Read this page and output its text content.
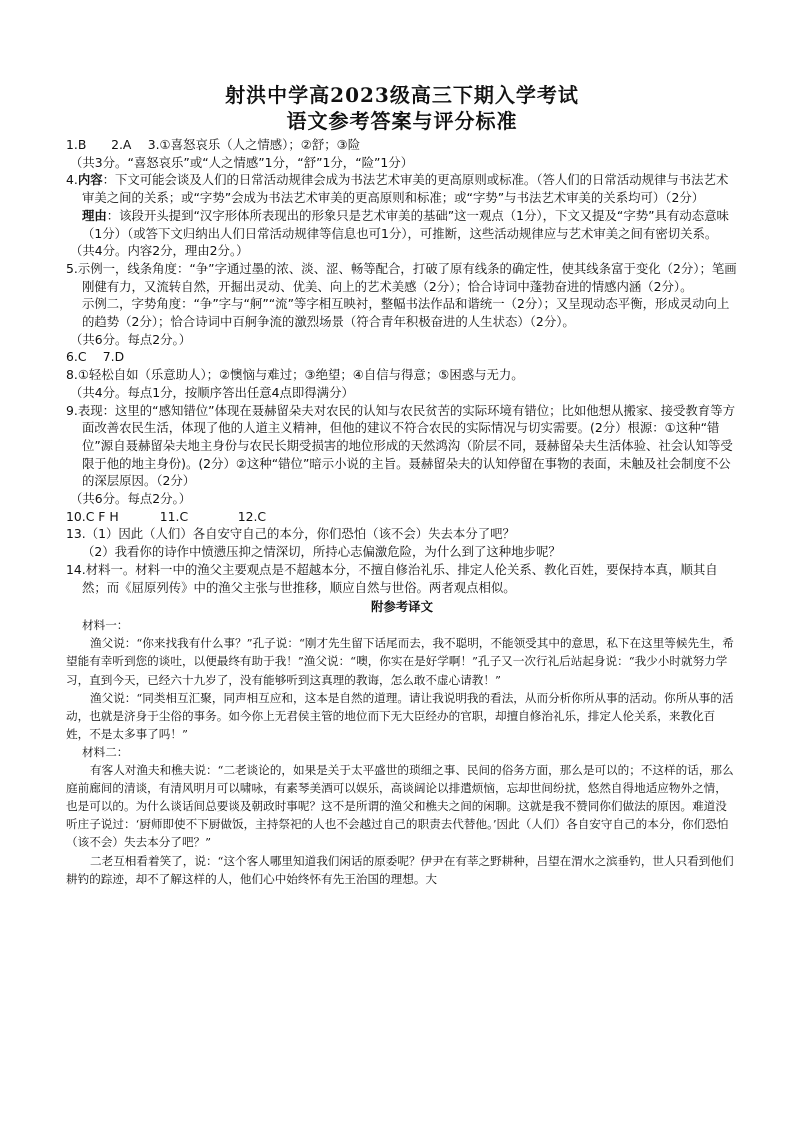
射洪中学高2023级高三下期入学考试
语文参考答案与评分标准

1.B　　2.A　 3.①喜怒哀乐（人之情感）；②舒；③险

（共3分。“喜怒哀乐”或“人之情感”1分，“舒”1分，“险”1分）

4.内容：下文可能会谈及人们的日常活动规律会成为书法艺术审美的更高原则或标准。（答人们的日常活动规律与书法艺术审美之间的关系；或“字势”会成为书法艺术审美的更高原则和标准；或“字势”与书法艺术审美的关系均可）（2分）

理由：该段开头提到“汉字形体所表现出的形象只是艺术审美的基础”这一观点（1分），下文又提及“字势”具有动态意味（1分）（或答下文归纳出人们日常活动规律等信息也可1分），可推断，这些活动规律应与艺术审美之间有密切关系。

（共4分。内容2分，理由2分。）

5.示例一，线条角度：“争”字通过墨的浓、淡、涩、畅等配合，打破了原有线条的确定性，使其线条富于变化（2分）；笔画刚健有力，又流转自然，开掘出灵动、优美、向上的艺术美感（2分）；恰合诗词中蓬勃奋进的情感内涵（2分）。

示例二，字势角度：“争”字与“舸”“流”等字相互映衬，整幅书法作品和谐统一（2分）；又呈现动态平衡，形成灵动向上的趋势（2分）；恰合诗词中百舸争流的激烈场景（符合青年积极奋进的人生状态）（2分）。

（共6分。每点2分。）

6.C　 7.D

8.①轻松自如（乐意助人）；②懊恼与难过；③绝望；④自信与得意；⑤困惑与无力。

（共4分。每点1分，按顺序答出任意4点即得满分）

9.表现：这里的“感知错位”体现在聂赫留朵夫对农民的认知与农民贫苦的实际环境有错位；比如他想从搬家、接受教育等方面改善农民生活，体现了他的人道主义精神，但他的建议不符合农民的实际情况与切实需要。(2分）根源：①这种“错位”源自聂赫留朵夫地主身份与农民长期受损害的地位形成的天然鸿沟（阶层不同，聂赫留朵夫生活体验、社会认知等受限于他的地主身份)。(2分）②这种“错位”暗示小说的主旨。聂赫留朵夫的认知停留在事物的表面，未触及社会制度不公的深层原因。（2分）

（共6分。每点2分。）

10.C F H　　　 11.C　　　　12.C

13.（1）因此（人们）各自安守自己的本分，你们恐怕（该不会）失去本分了吧？

（2）我看你的诗作中愤懑压抑之情深切，所持心志偏激危险，为什么到了这种地步呢？

14.材料一。材料一中的渔父主要观点是不超越本分，不擅自修治礼乐、排定人伦关系、教化百姓，要保持本真，顺其自然；而《屈原列传》中的渔父主张与世推移，顺应自然与世俗。两者观点相似。

附参考译文

材料一：

渔父说：“你来找我有什么事？”孔子说：“刚才先生留下话尾而去，我不聪明，不能领受其中的意思，私下在这里等候先生，希望能有幸听到您的谈吐，以便最终有助于我！”渔父说：“噢，你实在是好学啊！”孔子又一次行礼后站起身说：“我少小时就努力学习，直到今天，已经六十九岁了，没有能够听到这真理的教诲，怎么敢不虚心请教！”

渔父说：“同类相互汇聚，同声相互应和，这本是自然的道理。请让我说明我的看法，从而分析你所从事的活动。你所从事的活动，也就是济身于尘俗的事务。如今你上无君侯主管的地位而下无大臣经办的官职，却擅自修治礼乐，排定人伦关系，来教化百姓，不是太多事了吗！”

材料二：

有客人对渔夫和樵夫说：“二老谈论的，如果是关于太平盛世的琐细之事、民间的俗务方面，那么是可以的；不这样的话，那么庭前廊间的清谈，有清风明月可以啸咏，有素琴美酒可以娱乐，高谈阔论以排遣烦恼，忘却世间纷扰，悠然自得地适应物外之情，也是可以的。为什么谈话间总要谈及朝政时事呢？这不是所谓的渔父和樵夫之间的闲聊。这就是我不赞同你们做法的原因。难道没听庄子说过：‘厨师即使不下厨做饭，主持祭祀的人也不会越过自己的职责去代替他。’因此（人们）各自安守自己的本分，你们恐怕（该不会）失去本分了吧？”

二老互相看着笑了，说：“这个客人哪里知道我们闲话的原委呢？伊尹在有莘之野耕种，吕望在渭水之滨垂钓，世人只看到他们耕钓的踪迹，却不了解这样的人，他们心中始终怀有先王治国的理想。大
